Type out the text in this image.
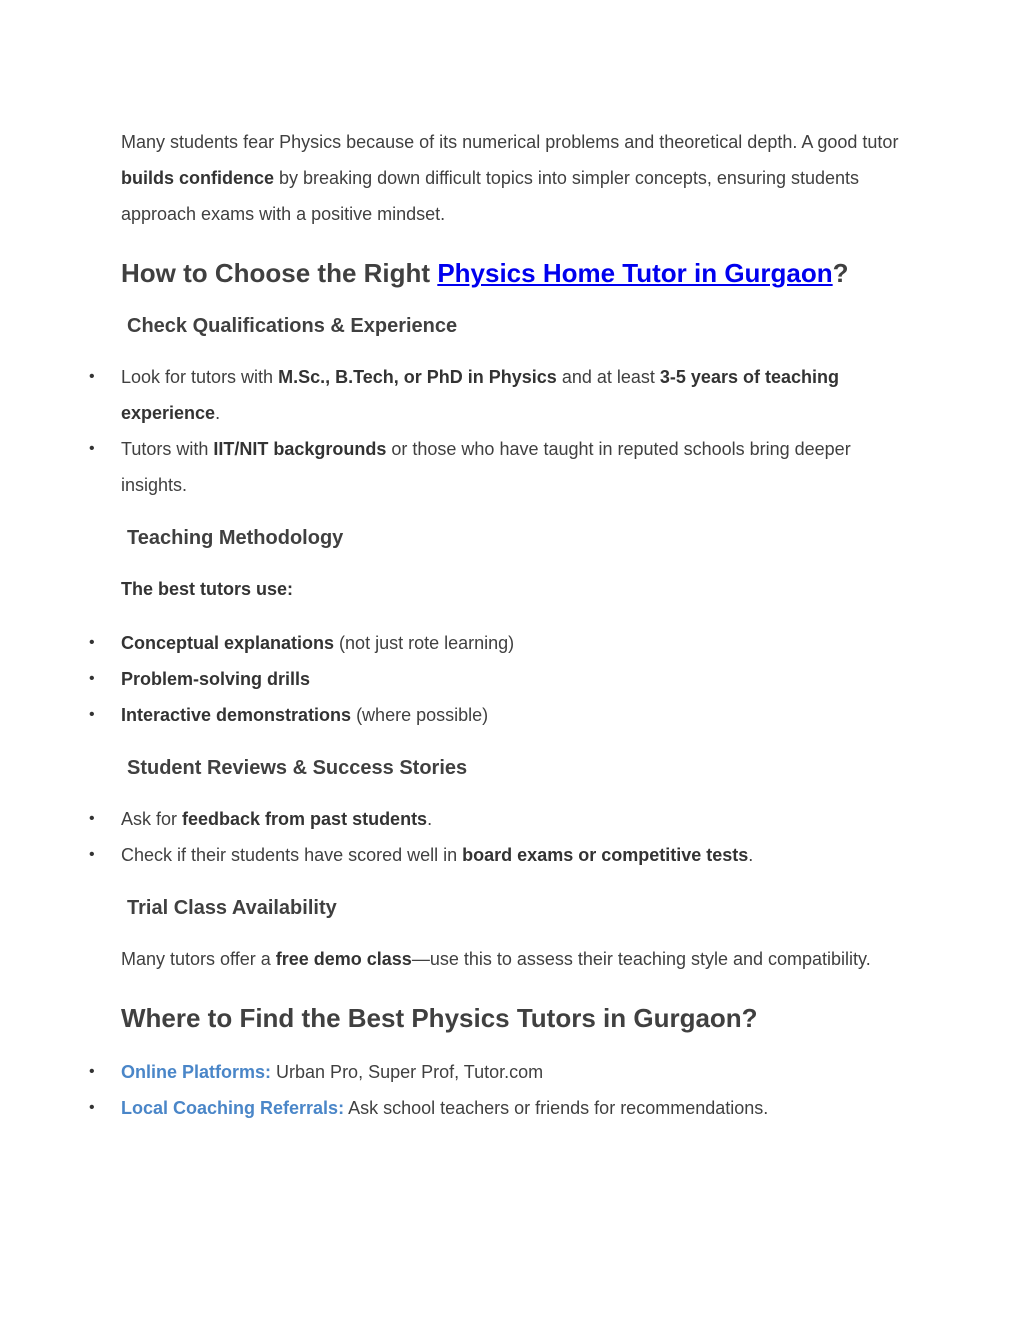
Many students fear Physics because of its numerical problems and theoretical depth. A good tutor builds confidence by breaking down difficult topics into simpler concepts, ensuring students approach exams with a positive mindset.

How to Choose the Right Physics Home Tutor in Gurgaon?
Check Qualifications & Experience
• Look for tutors with M.Sc., B.Tech, or PhD in Physics and at least 3-5 years of teaching experience.
• Tutors with IIT/NIT backgrounds or those who have taught in reputed schools bring deeper insights.
Teaching Methodology

The best tutors use:

• Conceptual explanations (not just rote learning)
• Problem-solving drills
• Interactive demonstrations (where possible)
Student Reviews & Success Stories
• Ask for feedback from past students.
• Check if their students have scored well in board exams or competitive tests.
Trial Class Availability

Many tutors offer a free demo class—use this to assess their teaching style and compatibility.

Where to Find the Best Physics Tutors in Gurgaon?
• Online Platforms: Urban Pro, Super Prof, Tutor.com
• Local Coaching Referrals: Ask school teachers or friends for recommendations.
